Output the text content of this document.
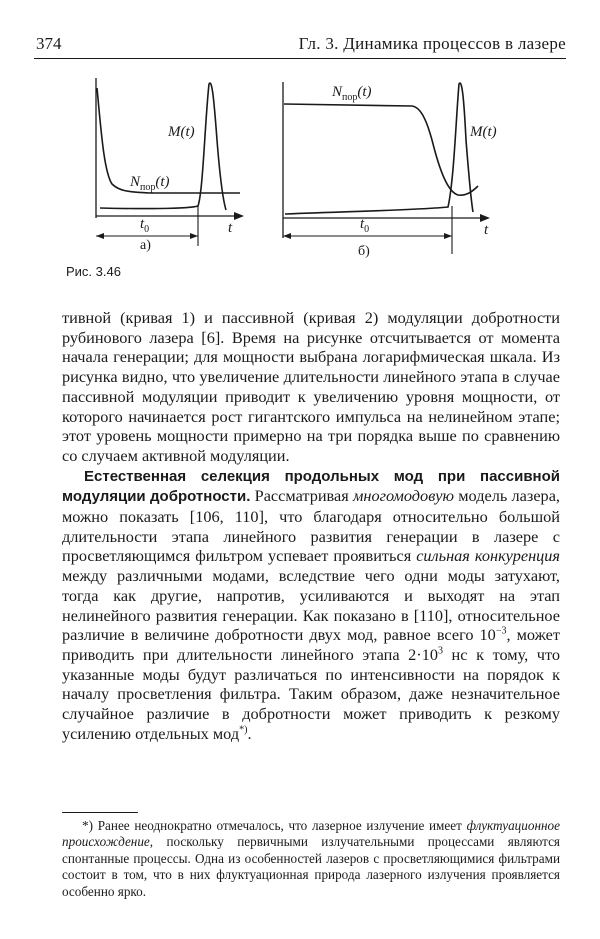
374	Гл. 3. Динамика процессов в лазере
M(t)
$N_{пор}(t)$
$t_0$	t
а)
$N_{пор}(t)$
M(t)
$t_0$	t
б)
Рис. 3.46

тивной (кривая 1) и пассивной (кривая 2) модуляции добротности рубинового лазера [6]. Время на рисунке отсчитывается от момента начала генерации; для мощности выбрана логарифмическая шкала. Из рисунка видно, что увеличение длительности линейного этапа в случае пассивной модуляции приводит к увеличению уровня мощности, от которого начинается рост гигантского импульса на нелинейном этапе; этот уровень мощности примерно на три порядка выше по сравнению со случаем активной модуляции.

Естественная селекция продольных мод при пассивной модуляции добротности. Рассматривая многомодовую модель лазера, можно показать [106, 110], что благодаря относительно большой длительности этапа линейного развития генерации в лазере с просветляющимся фильтром успевает проявиться сильная конкуренция между различными модами, вследствие чего одни моды затухают, тогда как другие, напротив, усиливаются и выходят на этап нелинейного развития генерации. Как показано в [110], относительное различие в величине добротности двух мод, равное всего $10^{-3}$, может приводить при длительности линейного этапа $2\cdot 10^3$ нс к тому, что указанные моды будут различаться по интенсивности на порядок к началу просветления фильтра. Таким образом, даже незначительное случайное различие в добротности может приводить к резкому усилению отдельных мод*).

*) Ранее неоднократно отмечалось, что лазерное излучение имеет флуктуационное происхождение, поскольку первичными излучательными процессами являются спонтанные процессы. Одна из особенностей лазеров с просветляющимися фильтрами состоит в том, что в них флуктуационная природа лазерного излучения проявляется особенно ярко.
